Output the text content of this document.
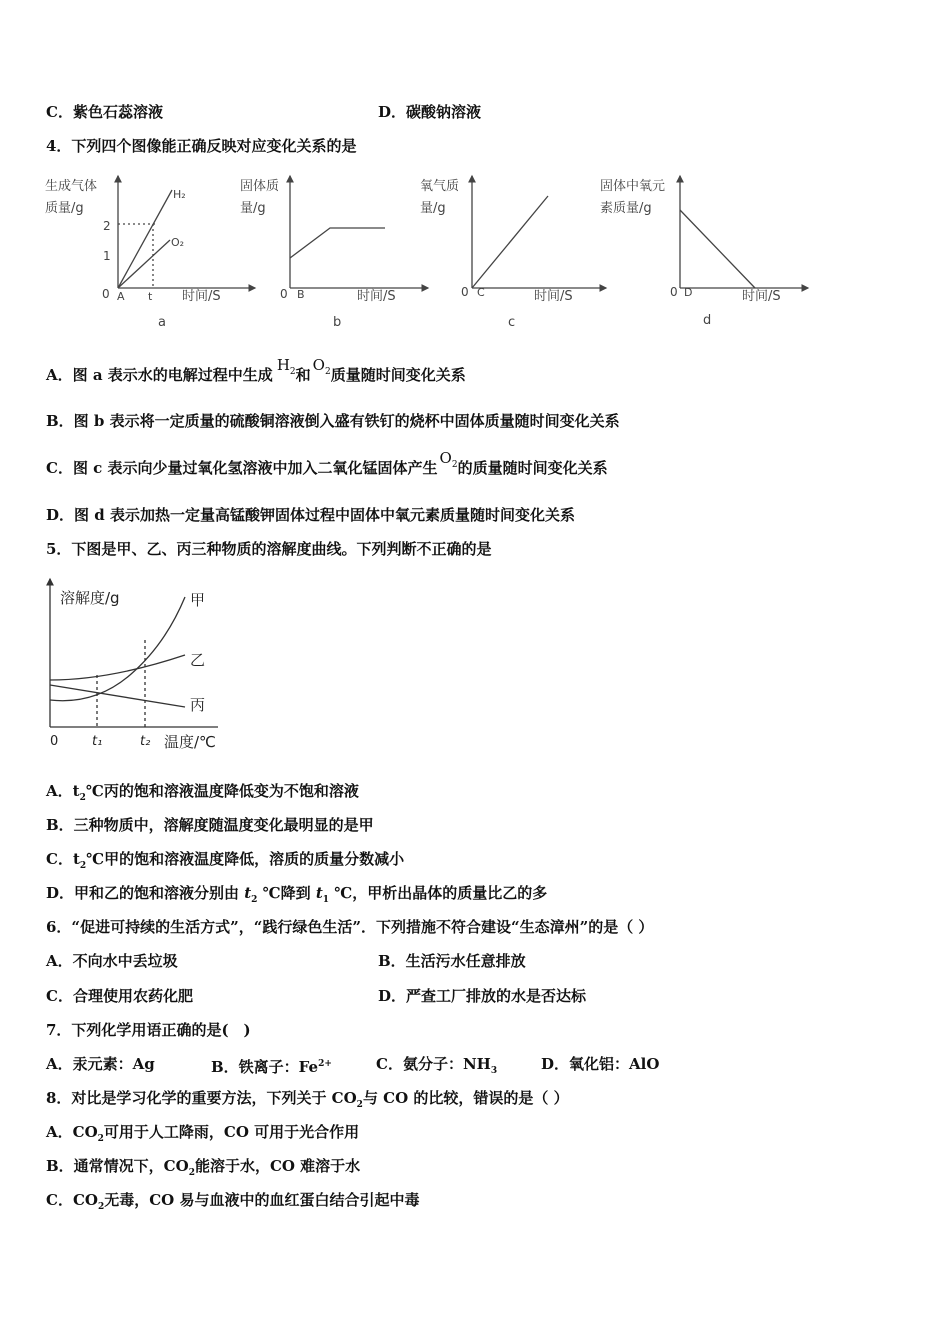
C．紫色石蕊溶液	D．碳酸钠溶液
4．下列四个图像能正确反映对应变化关系的是
生成气体
质量/g
2
1
0 A t 时间/S
H₂
O₂
a
固体质
量/g
0 B	时间/S
b
氧气质
量/g
0 C	时间/S
c
固体中氧元
素质量/g
0 D	时间/S
d
A．图 a 表示水的电解过程中生成$H_2$和$O_2$质量随时间变化关系
B．图 b 表示将一定质量的硫酸铜溶液倒入盛有铁钉的烧杯中固体质量随时间变化关系
C．图 c 表示向少量过氧化氢溶液中加入二氧化锰固体产生$O_2$的质量随时间变化关系
D．图 d 表示加热一定量高锰酸钾固体过程中固体中氧元素质量随时间变化关系
5．下图是甲、乙、丙三种物质的溶解度曲线。下列判断不正确的是
溶解度/g	甲
乙
丙
0	t₁	t₂ 温度/℃
A．$t_2℃$丙的饱和溶液温度降低变为不饱和溶液
B．三种物质中，溶解度随温度变化最明显的是甲
C．$t_2℃$甲的饱和溶液温度降低，溶质的质量分数减小
D．甲和乙的饱和溶液分别由 $t_2$ ℃降到 $t_1$ ℃，甲析出晶体的质量比乙的多
6．“促进可持续的生活方式”，“践行绿色生活”．下列措施不符合建设“生态漳州”的是（ ）
A．不向水中丢垃圾	B．生活污水任意排放
C．合理使用农药化肥	D．严查工厂排放的水是否达标
7．下列化学用语正确的是(　)
A．汞元素：Ag	B．铁离子：$Fe^{2+}$	C．氨分子：$NH_3$	D．氧化铝：AlO
8．对比是学习化学的重要方法，下列关于 $CO_2$与 CO 的比较，错误的是（ ）
A．$CO_2$可用于人工降雨，CO 可用于光合作用
B．通常情况下，$CO_2$能溶于水，CO 难溶于水
C．$CO_2$无毒，CO 易与血液中的血红蛋白结合引起中毒
